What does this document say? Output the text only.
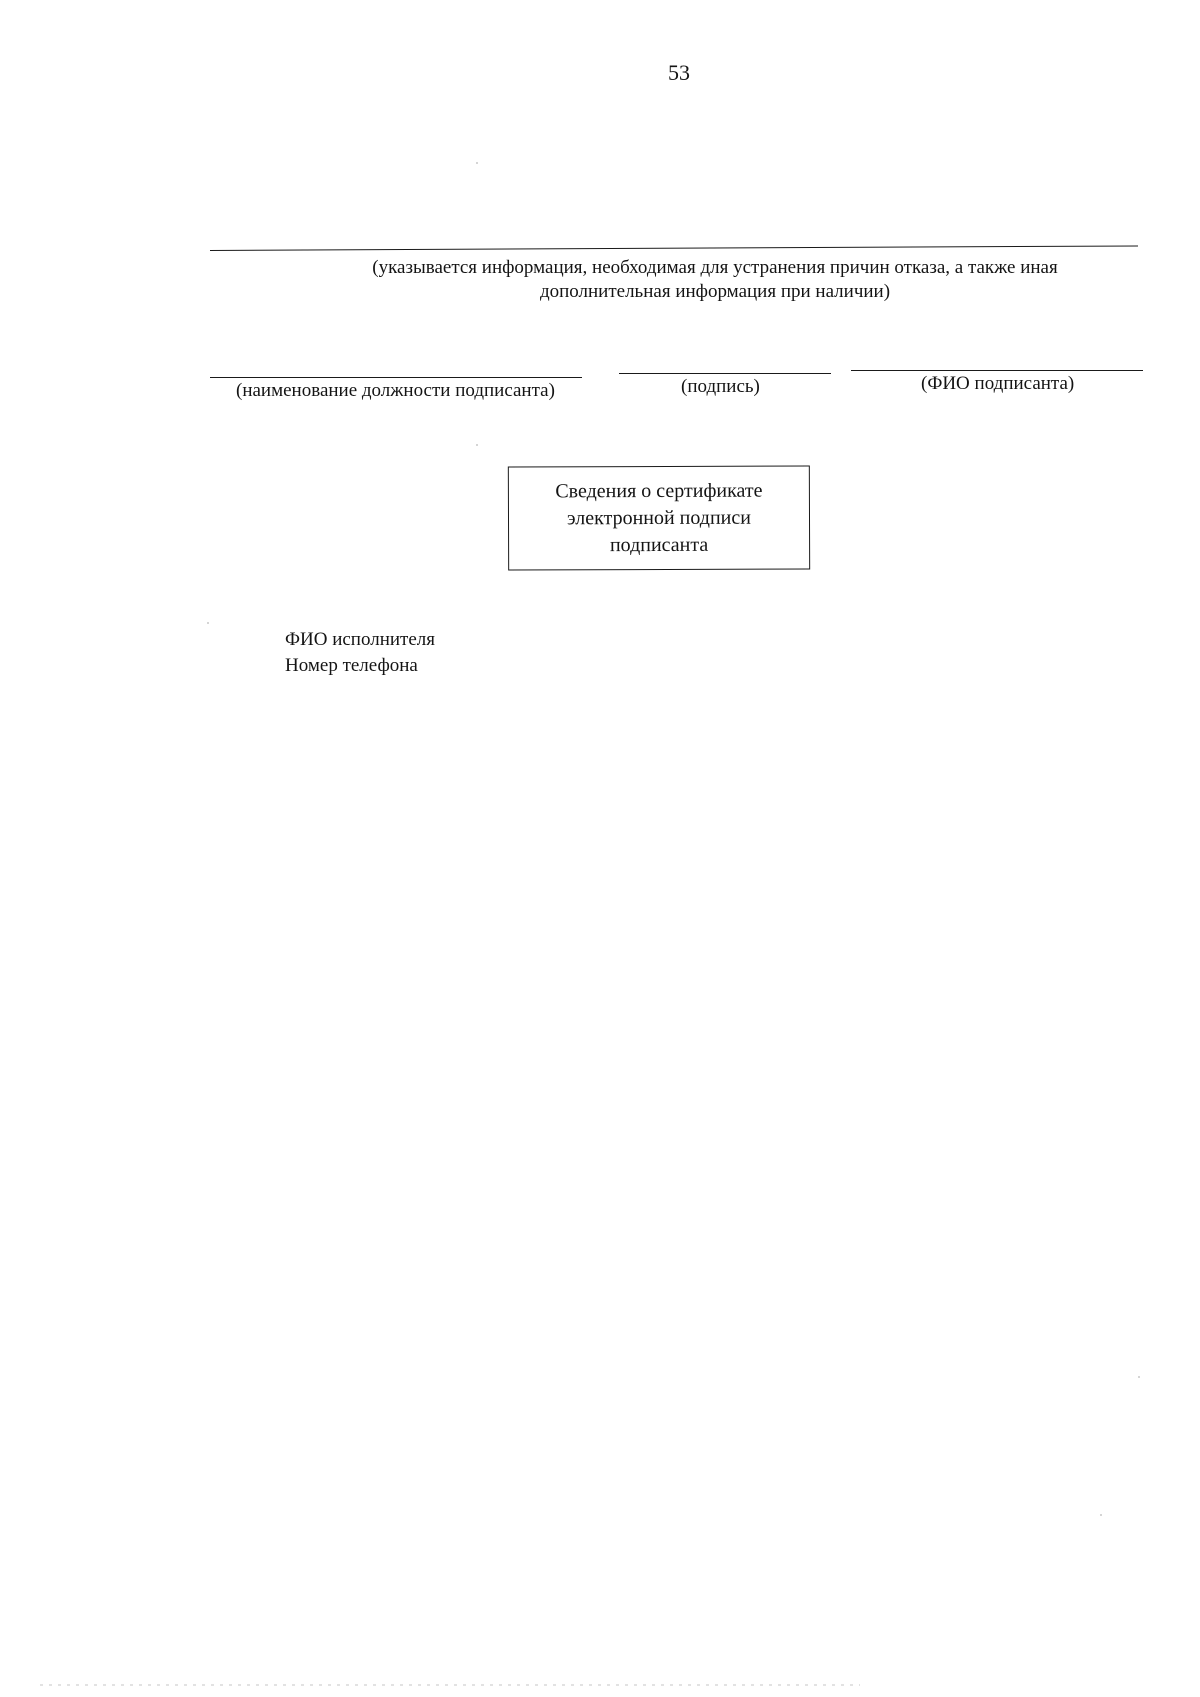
53
(указывается информация, необходимая для устранения причин отказа, а также иная
дополнительная информация при наличии)
(наименование должности подписанта)	(подпись)	(ФИО подписанта)
Сведения о сертификате
электронной подписи
подписанта
ФИО исполнителя
Номер телефона
